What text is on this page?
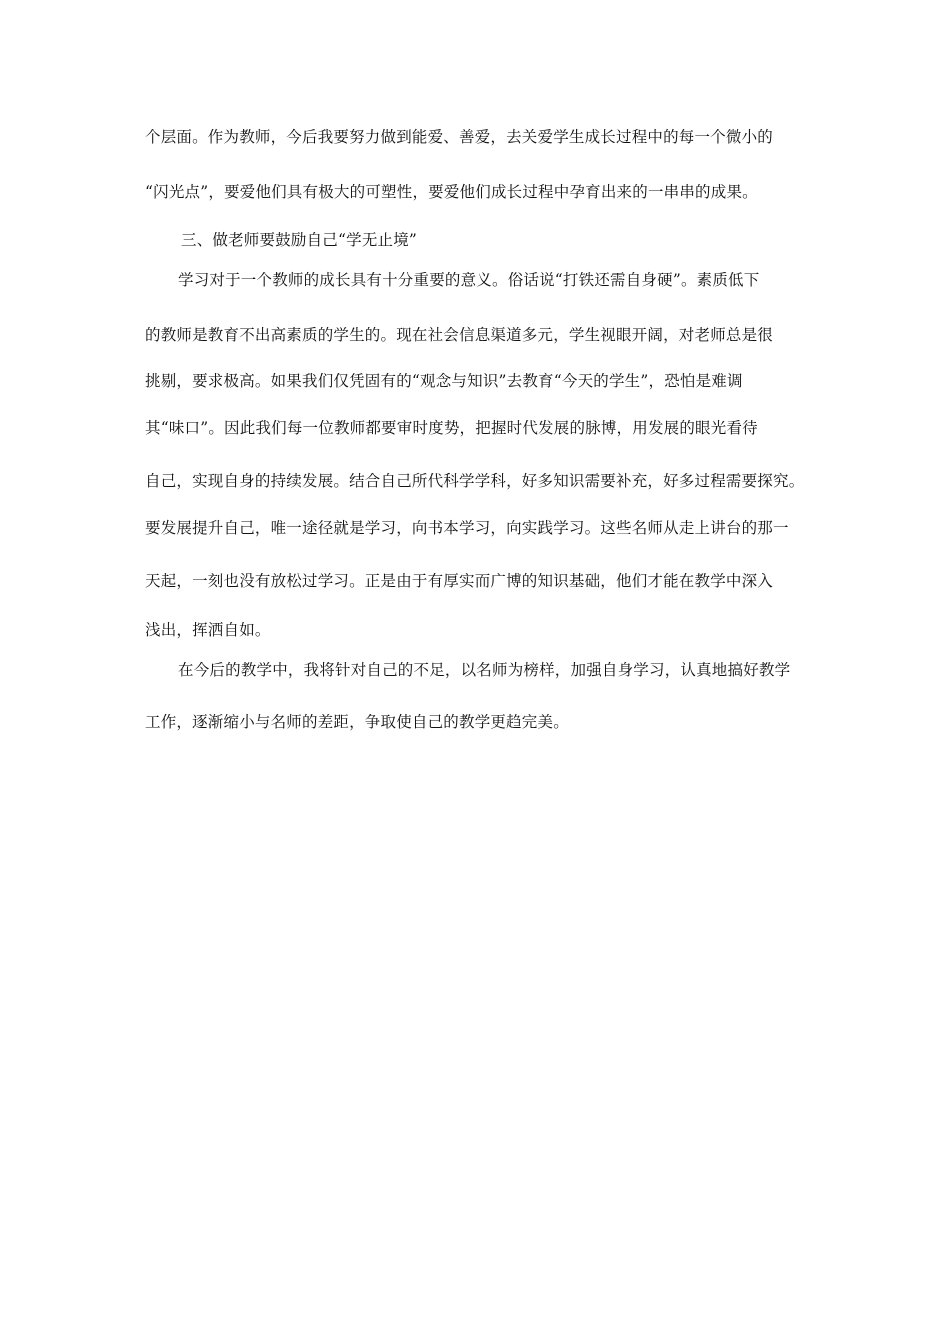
个层面。作为教师，今后我要努力做到能爱、善爱，去关爱学生成长过程中的每一个微小的
“闪光点”，要爱他们具有极大的可塑性，要爱他们成长过程中孕育出来的一串串的成果。
三、做老师要鼓励自己“学无止境”
学习对于一个教师的成长具有十分重要的意义。俗话说“打铁还需自身硬”。素质低下
的教师是教育不出高素质的学生的。现在社会信息渠道多元，学生视眼开阔，对老师总是很
挑剔，要求极高。如果我们仅凭固有的“观念与知识”去教育“今天的学生”，恐怕是难调
其“味口”。因此我们每一位教师都要审时度势，把握时代发展的脉博，用发展的眼光看待
自己，实现自身的持续发展。结合自己所代科学学科，好多知识需要补充，好多过程需要探究。
要发展提升自己，唯一途径就是学习，向书本学习，向实践学习。这些名师从走上讲台的那一
天起，一刻也没有放松过学习。正是由于有厚实而广博的知识基础，他们才能在教学中深入
浅出，挥洒自如。
在今后的教学中，我将针对自己的不足，以名师为榜样，加强自身学习，认真地搞好教学
工作，逐渐缩小与名师的差距，争取使自己的教学更趋完美。
